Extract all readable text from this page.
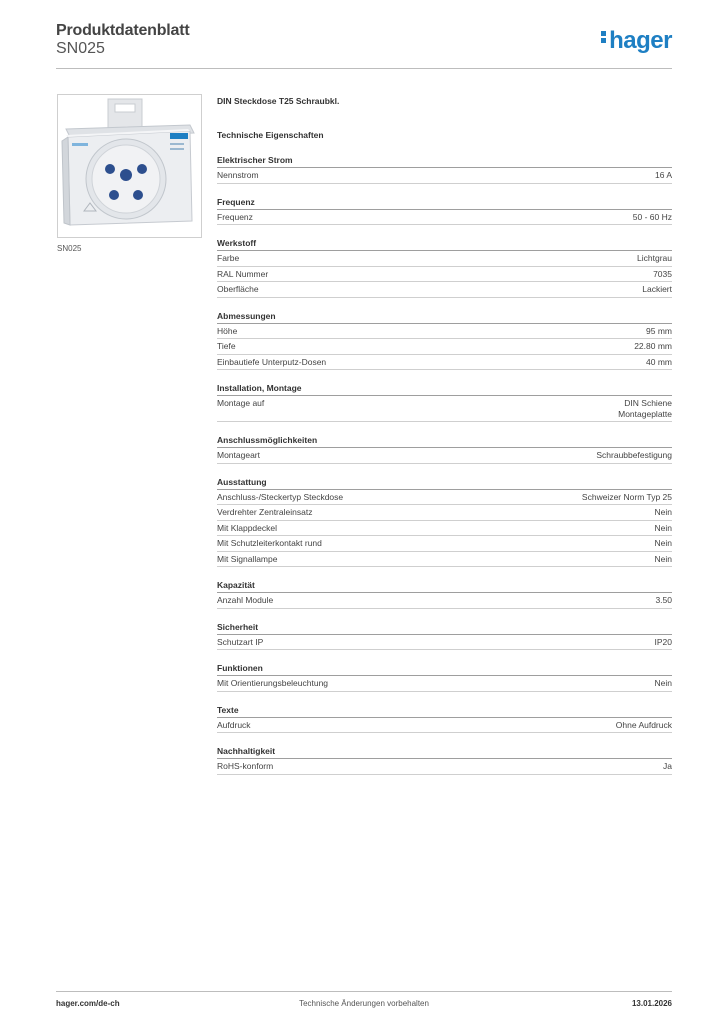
Produktdatenblatt
SN025	hager
SN025
DIN Steckdose T25 Schraubkl.
Technische Eigenschaften
Elektrischer Strom
Nennstrom	16 A
Frequenz
Frequenz	50 - 60 Hz
Werkstoff
Farbe	Lichtgrau
RAL Nummer	7035
Oberfläche	Lackiert
Abmessungen
Höhe	95 mm
Tiefe	22.80 mm
Einbautiefe Unterputz-Dosen	40 mm
Installation, Montage
Montage auf	DIN Schiene
Montageplatte
Anschlussmöglichkeiten
Montageart	Schraubbefestigung
Ausstattung
Anschluss-/Steckertyp Steckdose	Schweizer Norm Typ 25
Verdrehter Zentraleinsatz	Nein
Mit Klappdeckel	Nein
Mit Schutzleiterkontakt rund	Nein
Mit Signallampe	Nein
Kapazität
Anzahl Module	3.50
Sicherheit
Schutzart IP	IP20
Funktionen
Mit Orientierungsbeleuchtung	Nein
Texte
Aufdruck	Ohne Aufdruck
Nachhaltigkeit
RoHS-konform	Ja
hager.com/de-ch	Technische Änderungen vorbehalten	13.01.2026
